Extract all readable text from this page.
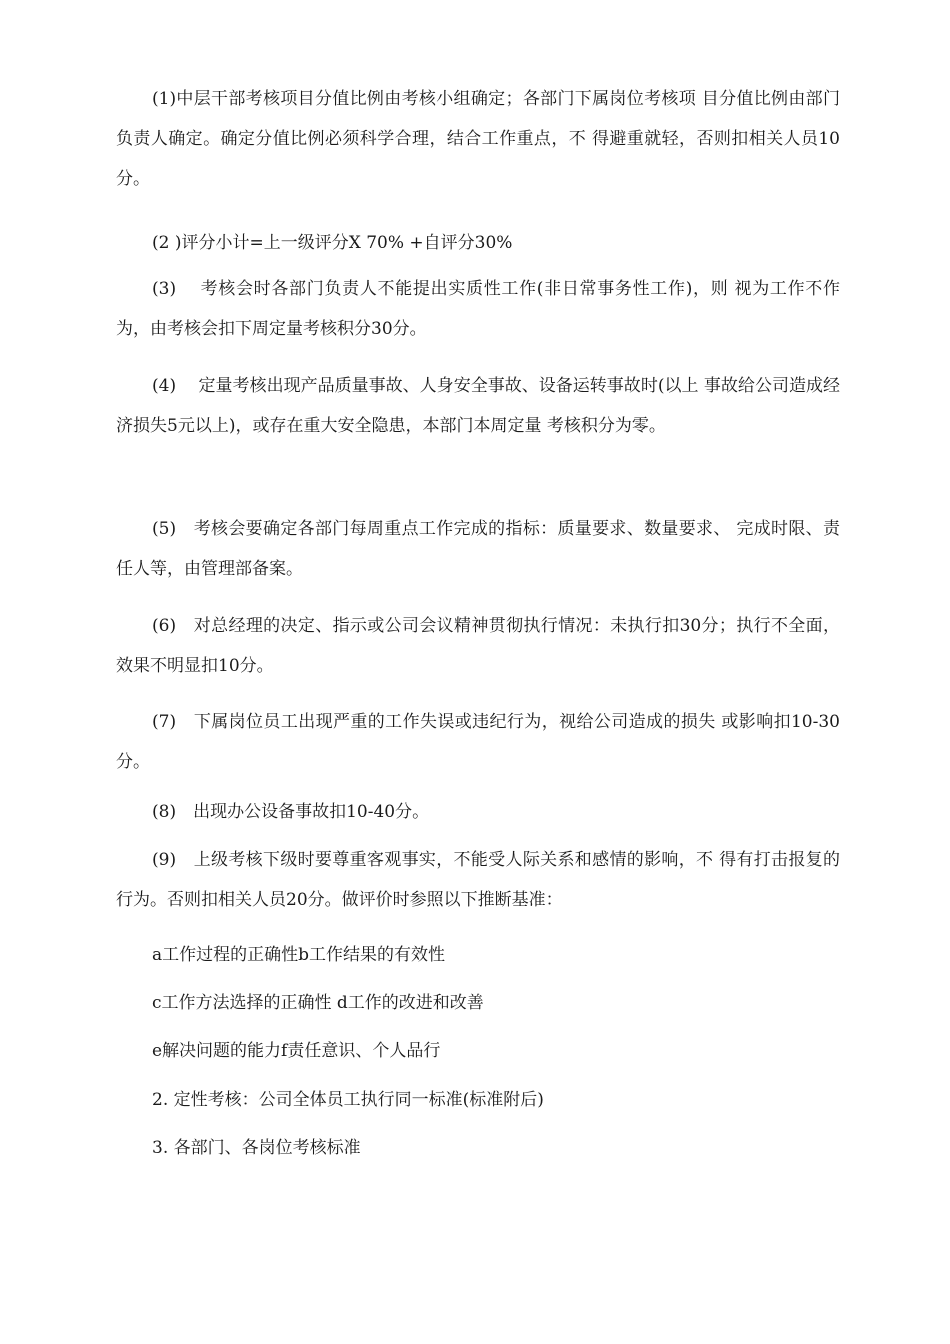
(1)中层干部考核项目分值比例由考核小组确定；各部门下属岗位考核项 目分值比例由部门负责人确定。确定分值比例必须科学合理，结合工作重点，不 得避重就轻，否则扣相关人员10分。
(2 )评分小计=上一级评分X 70% +自评分30%
(3)　 考核会时各部门负责人不能提出实质性工作(非日常事务性工作)，则 视为工作不作为，由考核会扣下周定量考核积分30分。
(4)　 定量考核出现产品质量事故、人身安全事故、设备运转事故时(以上 事故给公司造成经济损失5元以上)，或存在重大安全隐患，本部门本周定量 考核积分为零。
(5)　考核会要确定各部门每周重点工作完成的指标：质量要求、数量要求、 完成时限、责任人等，由管理部备案。
(6)　对总经理的决定、指示或公司会议精神贯彻执行情况：未执行扣30分；执行不全面，效果不明显扣10分。
(7)　下属岗位员工出现严重的工作失误或违纪行为，视给公司造成的损失 或影响扣10-30分。
(8)　出现办公设备事故扣10-40分。
(9)　上级考核下级时要尊重客观事实，不能受人际关系和感情的影响，不 得有打击报复的行为。否则扣相关人员20分。做评价时参照以下推断基准：
a工作过程的正确性b工作结果的有效性
c工作方法选择的正确性 d工作的改进和改善
e解决问题的能力f责任意识、个人品行
2. 定性考核：公司全体员工执行同一标准(标准附后)
3. 各部门、各岗位考核标准
